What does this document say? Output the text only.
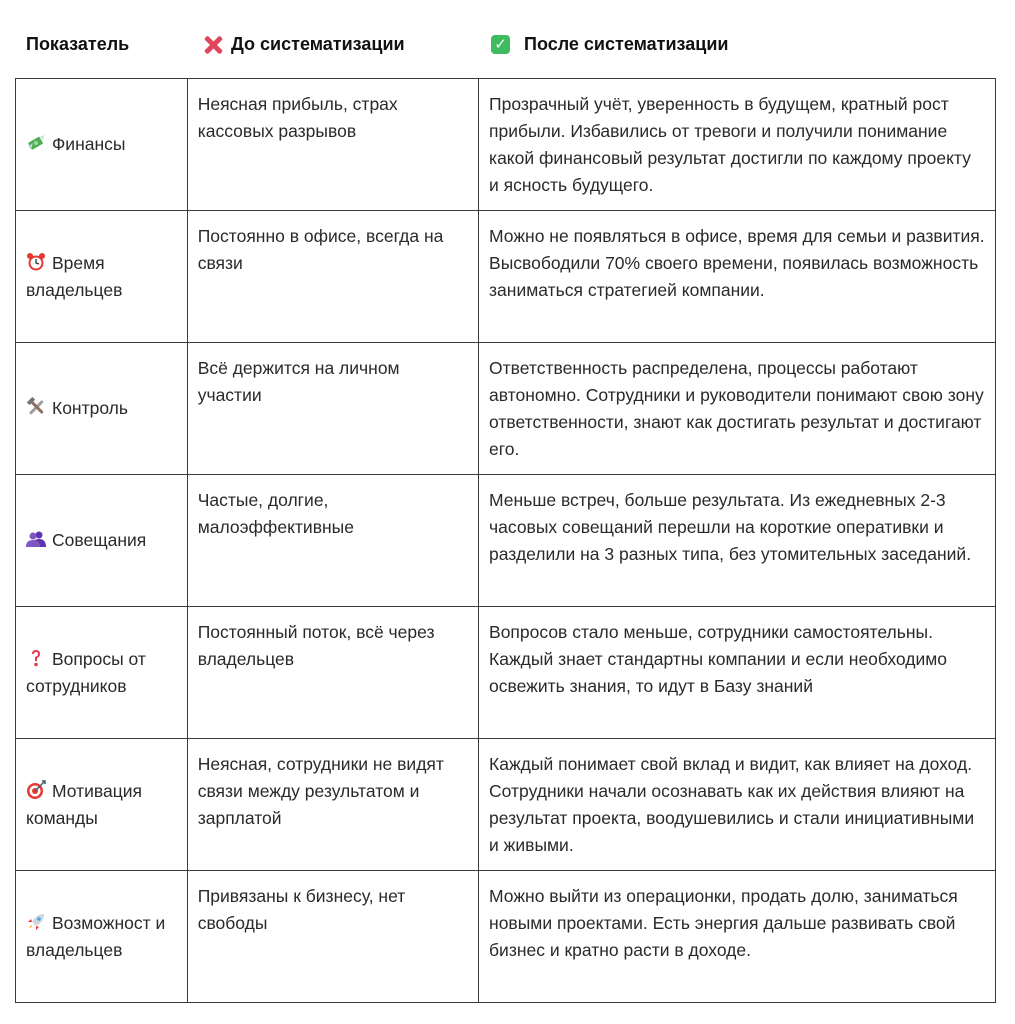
Показатель	До систематизации	✓ После систематизации
Финансы	Неясная прибыль, страх кассовых разрывов	Прозрачный учёт, уверенность в будущем, кратный рост прибыли. Избавились от тревоги и получили понимание какой финансовый результат достигли по каждому проекту и ясность будущего.
Время владельцев	Постоянно в офисе, всегда на связи	Можно не появляться в офисе, время для семьи и развития. Высвободили 70% своего времени, появилась возможность заниматься стратегией компании.
Контроль	Всё держится на личном участии	Ответственность распределена, процессы работают автономно. Сотрудники и руководители понимают свою зону ответственности, знают как достигать результат и достигают его.
Совещания	Частые, долгие, малоэффективные	Меньше встреч, больше результата. Из ежедневных 2-3 часовых совещаний перешли на короткие оперативки и разделили на 3 разных типа, без утомительных заседаний.
Вопросы от сотрудников	Постоянный поток, всё через владельцев	Вопросов стало меньше, сотрудники самостоятельны. Каждый знает стандартны компании и если необходимо освежить знания, то идут в Базу знаний
Мотивация команды	Неясная, сотрудники не видят связи между результатом и зарплатой	Каждый понимает свой вклад и видит, как влияет на доход. Сотрудники начали осознавать как их действия влияют на результат проекта, воодушевились и стали инициативными и живыми.
Возможност и владельцев	Привязаны к бизнесу, нет свободы	Можно выйти из операционки, продать долю, заниматься новыми проектами. Есть энергия дальше развивать свой бизнес и кратно расти в доходе.
